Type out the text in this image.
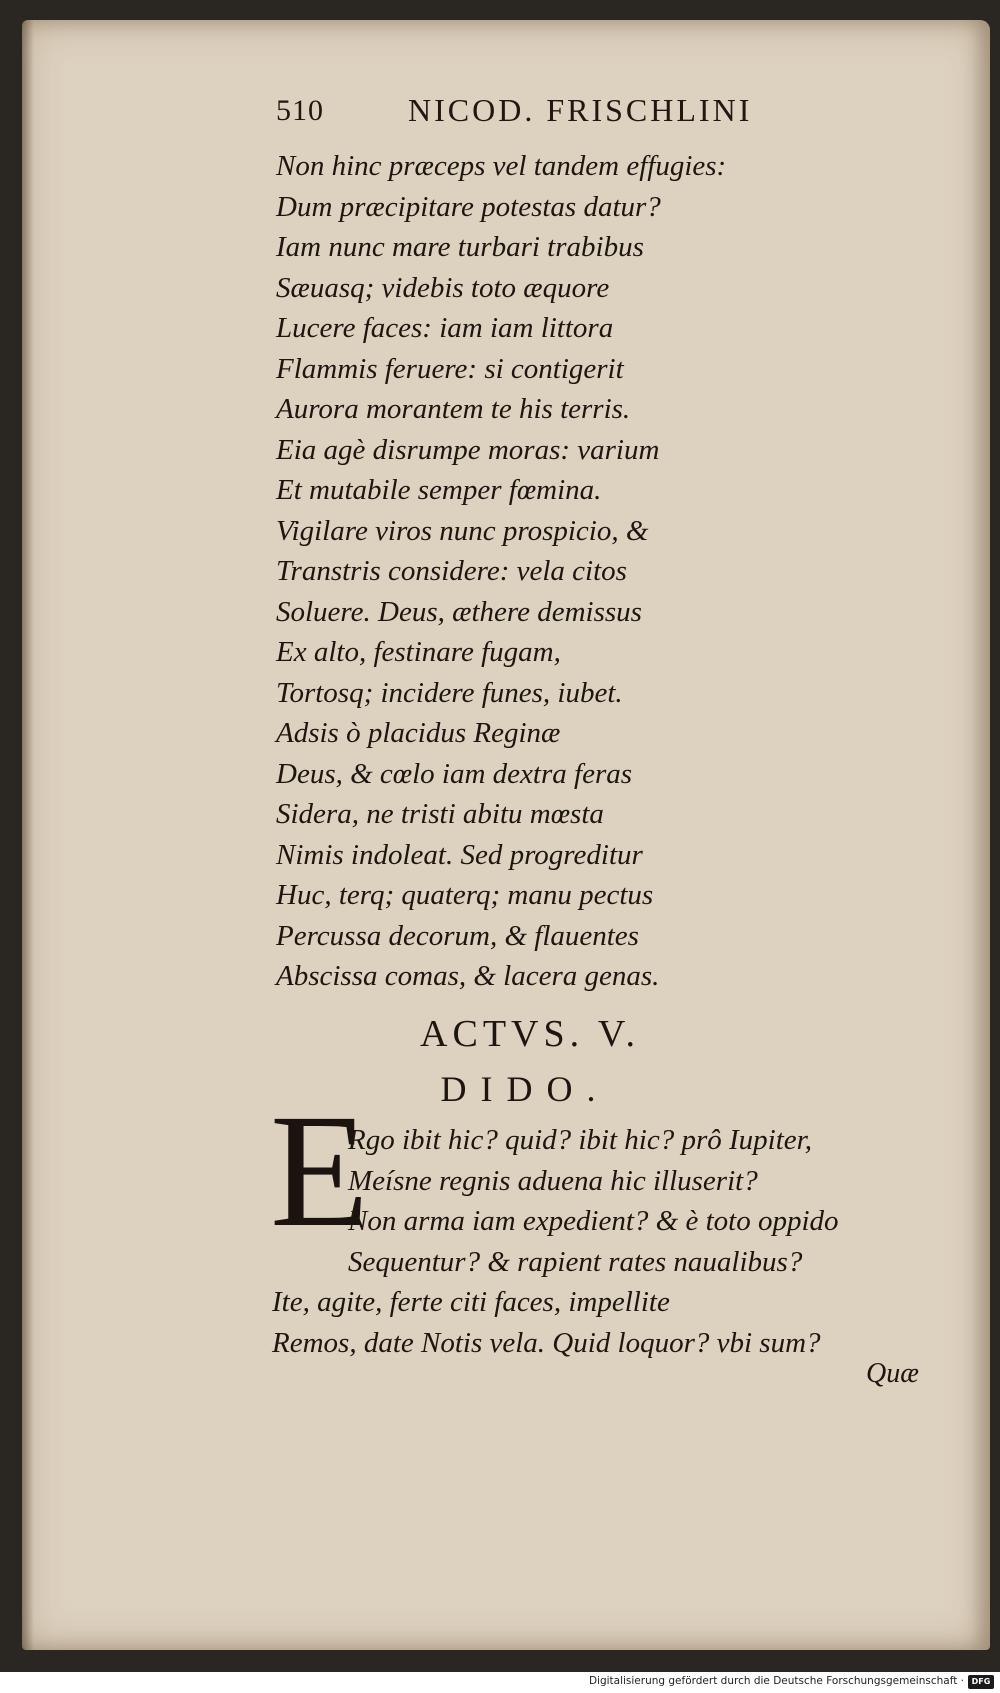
510	NICOD. FRISCHLINI
Non hinc præceps vel tandem effugies:
Dum præcipitare potestas datur?
Iam nunc mare turbari trabibus
Sæuasq; videbis toto æquore
Lucere faces: iam iam littora
Flammis feruere: si contigerit
Aurora morantem te his terris.
Eia agè disrumpe moras: varium
Et mutabile semper fœmina.
Vigilare viros nunc prospicio, &
Transtris considere: vela citos
Soluere. Deus, æthere demissus
Ex alto, festinare fugam,
Tortosq; incidere funes, iubet.
Adsis ò placidus Reginæ
Deus, & cœlo iam dextra feras
Sidera, ne tristi abitu mœsta
Nimis indoleat. Sed progreditur
Huc, terq; quaterq; manu pectus
Percussa decorum, & flauentes
Abscissa comas, & lacera genas.
ACTVS. V.
DIDO.
E
Rgo ibit hic? quid? ibit hic? prô Iupiter,
Meísne regnis aduena hic illuserit?
Non arma iam expedient? & è toto oppido
Sequentur? & rapient rates naualibus?
Ite, agite, ferte citi faces, impellite
Remos, date Notis vela. Quid loquor? vbi sum?
Quæ
Digitalisierung gefördert durch die Deutsche Forschungsgemeinschaft · DFG
